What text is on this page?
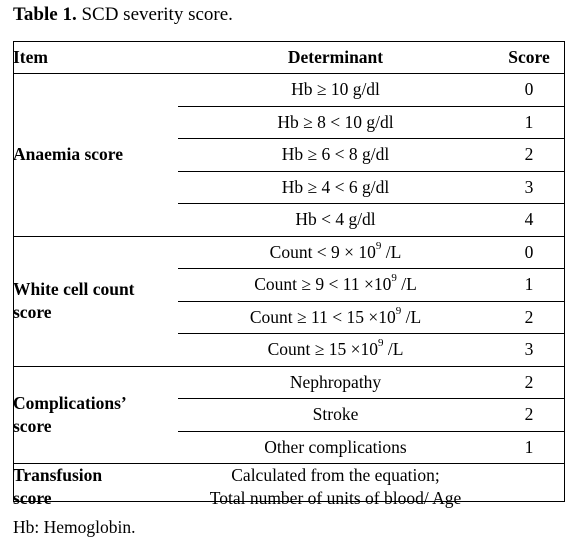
Table 1. SCD severity score.
Item	Determinant	Score
Anaemia score	Hb ≥ 10 g/dl	0
	Hb ≥ 8 < 10 g/dl	1
	Hb ≥ 6 < 8 g/dl	2
	Hb ≥ 4 < 6 g/dl	3
	Hb < 4 g/dl	4
White cell count
score	Count < $9 \times 10^9$ /L	0
	Count ≥ $9 < 11 \times 10^9$ /L	1
	Count ≥ $11 < 15 \times 10^9$ /L	2
	Count ≥ $15 \times 10^9$ /L	3
Complications’
score	Nephropathy	2
	Stroke	2
	Other complications	1
Transfusion
score	Calculated from the equation;
Total number of units of blood/ Age	
Hb: Hemoglobin.
